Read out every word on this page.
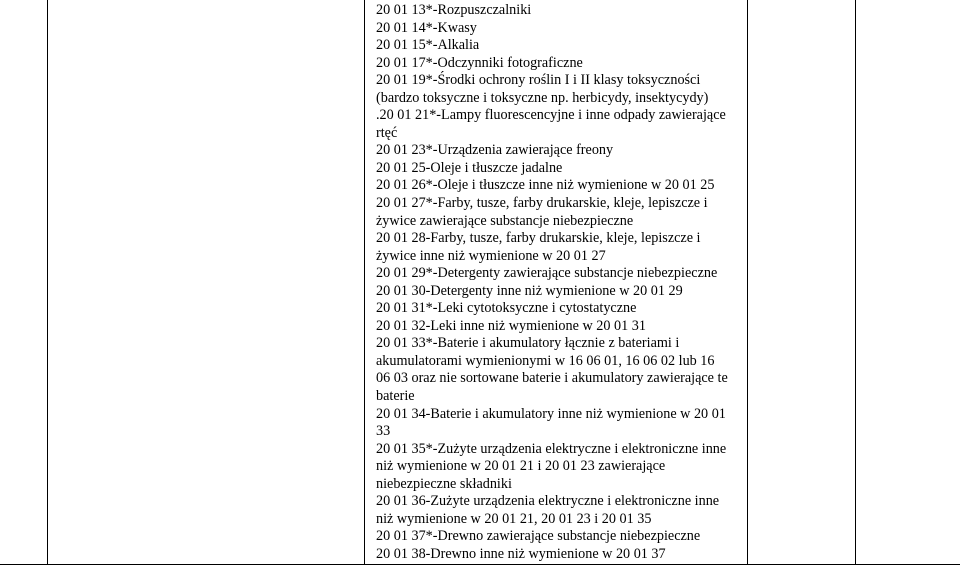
20 01 13*-Rozpuszczalniki
20 01 14*-Kwasy
20 01 15*-Alkalia
20 01 17*-Odczynniki fotograficzne
20 01 19*-Środki ochrony roślin I i II klasy toksyczności
(bardzo toksyczne i toksyczne np. herbicydy, insektycydy)
.20 01 21*-Lampy fluorescencyjne i inne odpady zawierające
rtęć
20 01 23*-Urządzenia zawierające freony
20 01 25-Oleje i tłuszcze jadalne
20 01 26*-Oleje i tłuszcze inne niż wymienione w 20 01 25
20 01 27*-Farby, tusze, farby drukarskie, kleje, lepiszcze i
żywice zawierające substancje niebezpieczne
20 01 28-Farby, tusze, farby drukarskie, kleje, lepiszcze i
żywice inne niż wymienione w 20 01 27
20 01 29*-Detergenty zawierające substancje niebezpieczne
20 01 30-Detergenty inne niż wymienione w 20 01 29
20 01 31*-Leki cytotoksyczne i cytostatyczne
20 01 32-Leki inne niż wymienione w 20 01 31
20 01 33*-Baterie i akumulatory łącznie z bateriami i
akumulatorami wymienionymi w 16 06 01, 16 06 02 lub 16
06 03 oraz nie sortowane baterie i akumulatory zawierające te
baterie
20 01 34-Baterie i akumulatory inne niż wymienione w 20 01
33
20 01 35*-Zużyte urządzenia elektryczne i elektroniczne inne
niż wymienione w 20 01 21 i 20 01 23 zawierające
niebezpieczne składniki
20 01 36-Zużyte urządzenia elektryczne i elektroniczne inne
niż wymienione w 20 01 21, 20 01 23 i 20 01 35
20 01 37*-Drewno zawierające substancje niebezpieczne
20 01 38-Drewno inne niż wymienione w 20 01 37
